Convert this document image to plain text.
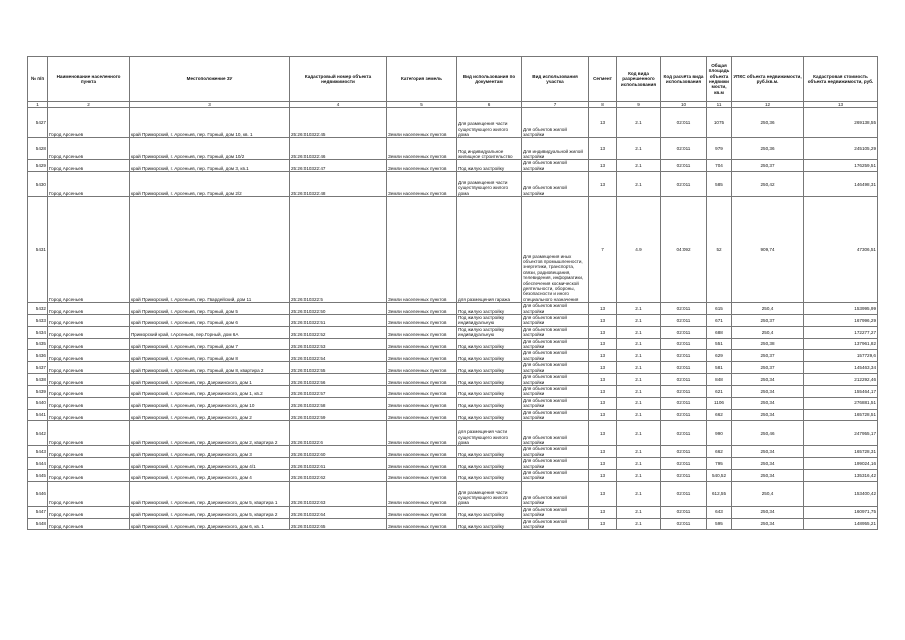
№ п/п	Наименование населенного пункта	Местоположение ЗУ	Кадастровый номер объекта недвижимости	Категория земель	Вид использования по документам	Вид использования участка	Сегмент	Код вида разрешенного использования	Код расчёта вида использования	Общая площадь объекта недвижимости, кв.м	УПКС объекта недвижимости, руб./кв.м.	Кадастровая стоимость объекта недвижимости, руб.
1	2	3	4	5	6	7	8	9	10	11	12	13
5427	Город Арсеньев	край Приморский, г. Арсеньев, пер. Горный, дом 10, кв. 1	25:26:010322:45	Земли населенных пунктов	Для размещения части существующего жилого дома	Для объектов жилой застройки	13	2.1	02:011	1075	250,36	269138,55
5428	Город Арсеньев	край Приморский, г. Арсеньев, пер. Горный, дом 10/2	25:26:010322:46	Земли населенных пунктов	Под индивидуальное жилищное строительство	Для индивидуальной жилой застройки	13	2.1	02:011	979	250,36	245105,29
5429	Город Арсеньев	край Приморский, г. Арсеньев, пер. Горный, дом 3, кв.1	25:26:010322:47	Земли населенных пунктов	Под жилую застройку	Для объектов жилой застройки	13	2.1	02:011	704	250,37	176259,51
5430	Город Арсеньев	край Приморский, г. Арсеньев, пер. Горный, дом 2/2	25:26:010322:48	Земли населенных пунктов	Для размещения части существующего жилого дома	Для объектов жилой застройки	13	2.1	02:011	585	250,42	146498,31
5431	Город Арсеньев	край Приморский, г. Арсеньев, пер. Гвардейский, дом 11	25:26:010322:5	Земли населенных пунктов	для размещения гаража	Для размещения иных объектов промышленности, энергетики, транспорта, связи, радиовещания, телевидения, информатики, обеспечения космической деятельности, обороны, безопасности и иного специального назначения	7	4.9	04:092	52	909,74	47306,51
5432	Город Арсеньев	край Приморский, г. Арсеньев, пер. Горный, дом 5	25:26:010322:50	Земли населенных пунктов	Под жилую застройку	Для объектов жилой застройки	13	2.1	02:011	615	250,4	153995,99
5433	Город Арсеньев	край Приморский, г. Арсеньев, пер. Горный, дом 6	25:26:010322:51	Земли населенных пунктов	Под жилую застройку индивидуальную	Для объектов жилой застройки	13	2.1	02:011	671	250,37	167996,29
5434	Город Арсеньев	Приморский край, г.Арсеньев, пер.Горный, дом 6А	25:26:010322:52	Земли населенных пунктов	Под жилую застройку индивидуальную	Для объектов жилой застройки	13	2.1	02:011	688	250,4	172277,27
5435	Город Арсеньев	край Приморский, г. Арсеньев, пер. Горный, дом 7	25:26:010322:53	Земли населенных пунктов	Под жилую застройку	Для объектов жилой застройки	13	2.1	02:011	551	250,38	137961,82
5436	Город Арсеньев	край Приморский, г. Арсеньев, пер. Горный, дом 8	25:26:010322:54	Земли населенных пунктов	Под жилую застройку	Для объектов жилой застройки	13	2.1	02:011	629	250,37	157729,6
5437	Город Арсеньев	край Приморский, г. Арсеньев, пер. Горный, дом 8, квартира 2	25:26:010322:55	Земли населенных пунктов	Под жилую застройку	Для объектов жилой застройки	13	2.1	02:011	581	250,37	145463,34
5438	Город Арсеньев	край Приморский, г. Арсеньев, пер. Дзержинского, дом 1	25:26:010322:56	Земли населенных пунктов	Под жилую застройку	Для объектов жилой застройки	13	2.1	02:011	848	250,34	212292,46
5439	Город Арсеньев	край Приморский, г. Арсеньев, пер. Дзержинского, дом 1, кв.2	25:26:010322:57	Земли населенных пунктов	Под жилую застройку	Для объектов жилой застройки	13	2.1	02:011	621	250,34	155464,17
5440	Город Арсеньев	край Приморский, г. Арсеньев, пер. Дзержинского, дом 10	25:26:010322:58	Земли населенных пунктов	Под жилую застройку	Для объектов жилой застройки	13	2.1	02:011	1106	250,34	276881,51
5441	Город Арсеньев	край Приморский, г. Арсеньев, пер. Дзержинского, дом 2	25:26:010322:59	Земли населенных пунктов	Под жилую застройку	Для объектов жилой застройки	13	2.1	02:011	662	250,34	165728,51
5442	Город Арсеньев	край Приморский, г. Арсеньев, пер. Дзержинского, дом 2, квартира 2	25:26:010322:6	Земли населенных пунктов	для размещения части существующего жилого дома	Для объектов жилой застройки	13	2.1	02:011	990	250,46	247955,17
5443	Город Арсеньев	край Приморский, г. Арсеньев, пер. Дзержинского, дом 3	25:26:010322:60	Земли населенных пунктов	Под жилую застройку	Для объектов жилой застройки	13	2.1	02:011	662	250,34	165728,31
5444	Город Арсеньев	край Приморский, г. Арсеньев, пер. Дзержинского, дом 4/1	25:26:010322:61	Земли населенных пунктов	Под жилую застройку	Для объектов жилой застройки	13	2.1	02:011	795	250,34	199024,16
5445	Город Арсеньев	край Приморский, г. Арсеньев, пер. Дзержинского, дом 4	25:26:010322:62	Земли населенных пунктов	Под жилую застройку	Для объектов жилой застройки	13	2.1	02:011	540,52	250,34	135316,42
5446	Город Арсеньев	край Приморский, г. Арсеньев, пер. Дзержинского, дом 5, квартира 1	25:26:010322:63	Земли населенных пунктов	Для размещения части существующего жилого дома	Для объектов жилой застройки	13	2.1	02:011	612,55	250,4	153400,42
5447	Город Арсеньев	край Приморский, г. Арсеньев, пер. Дзержинского, дом 5, квартира 2	25:26:010322:64	Земли населенных пунктов	Под жилую застройку	Для объектов жилой застройки	13	2.1	02:011	643	250,34	160971,75
5448	Город Арсеньев	край Приморский, г. Арсеньев, пер. Дзержинского, дом 6, кв. 1	25:26:010322:65	Земли населенных пунктов	Под жилую застройку	Для объектов жилой застройки	13	2.1	02:011	595	250,34	148955,21
